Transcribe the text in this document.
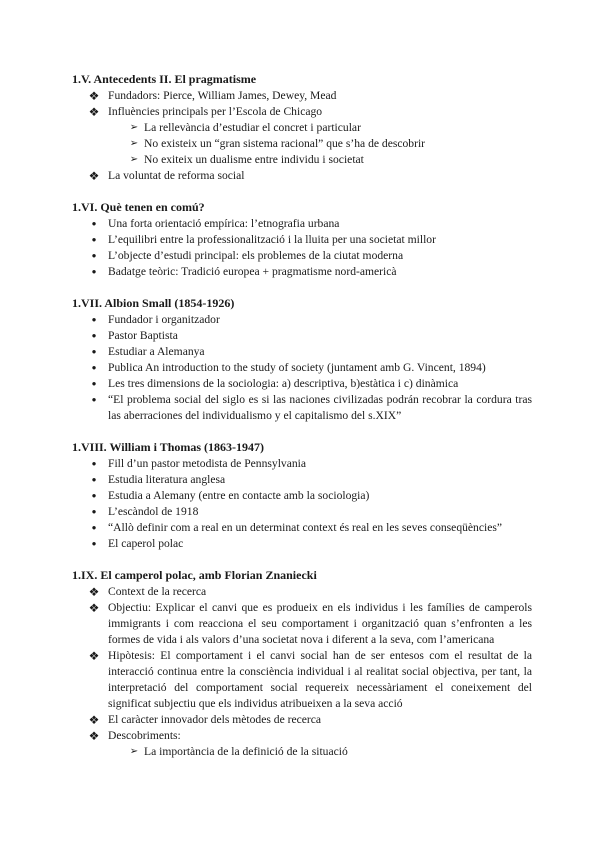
1.V. Antecedents II. El pragmatisme
❖ Fundadors: Pierce, William James, Dewey, Mead
❖ Influències principals per l’Escola de Chicago
➢ La rellevància d’estudiar el concret i particular
➢ No existeix un “gran sistema racional” que s’ha de descobrir
➢ No exiteix un dualisme entre individu i societat
❖ La voluntat de reforma social
1.VI. Què tenen en comú?
● Una forta orientació empírica: l’etnografia urbana
● L’equilibri entre la professionalització i la lluita per una societat millor
● L’objecte d’estudi principal: els problemes de la ciutat moderna
● Badatge teòric: Tradició europea + pragmatisme nord-americà
1.VII. Albion Small (1854-1926)
● Fundador i organitzador
● Pastor Baptista
● Estudiar a Alemanya
● Publica An introduction to the study of society (juntament amb G. Vincent, 1894)
● Les tres dimensions de la sociologia: a) descriptiva, b)estàtica i c) dinàmica
● “El problema social del siglo es si las naciones civilizadas podrán recobrar la cordura tras las aberraciones del individualismo y el capitalismo del s.XIX”
1.VIII. William i Thomas (1863-1947)
● Fill d’un pastor metodista de Pennsylvania
● Estudia literatura anglesa
● Estudia a Alemany (entre en contacte amb la sociologia)
● L’escàndol de 1918
● “Allò definir com a real en un determinat context és real en les seves conseqüències”
● El caperol polac
1.IX. El camperol polac, amb Florian Znaniecki
❖ Context de la recerca
❖ Objectiu: Explicar el canvi que es produeix en els individus i les famílies de camperols immigrants i com reacciona el seu comportament i organització quan s’enfronten a les formes de vida i als valors d’una societat nova i diferent a la seva, com l’americana
❖ Hipòtesis: El comportament i el canvi social han de ser entesos com el resultat de la interacció continua entre la consciència individual i al realitat social objectiva, per tant, la interpretació del comportament social requereix necessàriament el coneixement del significat subjectiu que els individus atribueixen a la seva acció
❖ El caràcter innovador dels mètodes de recerca
❖ Descobriments:
➢ La importància de la definició de la situació
